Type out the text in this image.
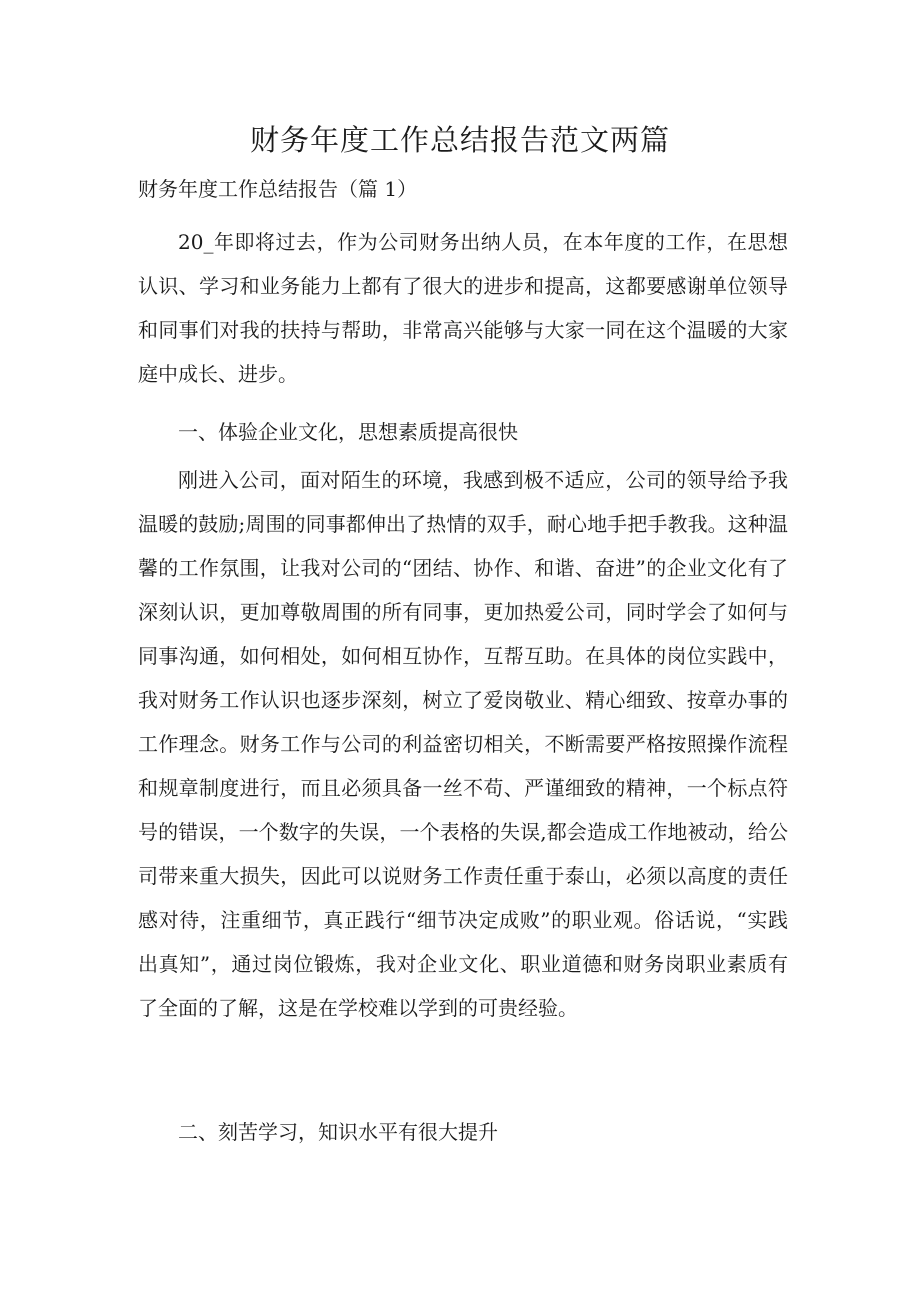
财务年度工作总结报告范文两篇
财务年度工作总结报告（篇 1）

20_年即将过去，作为公司财务出纳人员，在本年度的工作，在思想认识、学习和业务能力上都有了很大的进步和提高，这都要感谢单位领导和同事们对我的扶持与帮助，非常高兴能够与大家一同在这个温暖的大家庭中成长、进步。

一、体验企业文化，思想素质提高很快

刚进入公司，面对陌生的环境，我感到极不适应，公司的领导给予我温暖的鼓励;周围的同事都伸出了热情的双手，耐心地手把手教我。这种温馨的工作氛围，让我对公司的“团结、协作、和谐、奋进”的企业文化有了深刻认识，更加尊敬周围的所有同事，更加热爱公司，同时学会了如何与同事沟通，如何相处，如何相互协作，互帮互助。在具体的岗位实践中，我对财务工作认识也逐步深刻，树立了爱岗敬业、精心细致、按章办事的工作理念。财务工作与公司的利益密切相关，不断需要严格按照操作流程和规章制度进行，而且必须具备一丝不苟、严谨细致的精神，一个标点符号的错误，一个数字的失误，一个表格的失误,都会造成工作地被动，给公司带来重大损失，因此可以说财务工作责任重于泰山，必须以高度的责任感对待，注重细节，真正践行“细节决定成败”的职业观。俗话说，“实践出真知”，通过岗位锻炼，我对企业文化、职业道德和财务岗职业素质有了全面的了解，这是在学校难以学到的可贵经验。

二、刻苦学习，知识水平有很大提升
